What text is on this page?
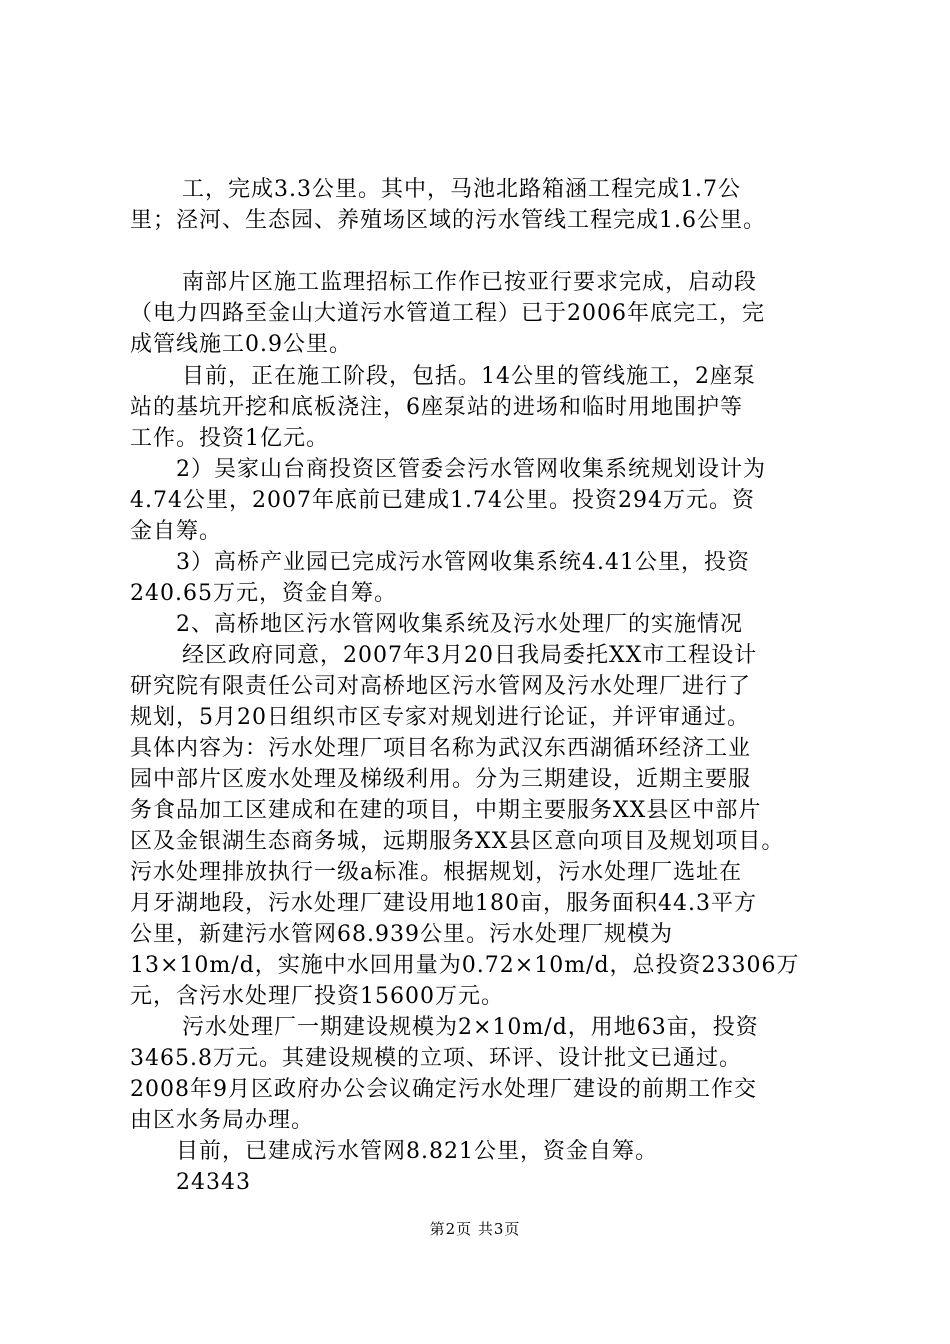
工，完成3.3公里。其中，马池北路箱涵工程完成1.7公

里；泾河、生态园、养殖场区域的污水管线工程完成1.6公里。

南部片区施工监理招标工作作已按亚行要求完成，启动段

（电力四路至金山大道污水管道工程）已于2006年底完工，完

成管线施工0.9公里。

目前，正在施工阶段，包括。14公里的管线施工，2座泵

站的基坑开挖和底板浇注，6座泵站的进场和临时用地围护等

工作。投资1亿元。

2）吴家山台商投资区管委会污水管网收集系统规划设计为

4.74公里，2007年底前已建成1.74公里。投资294万元。资

金自筹。

3）高桥产业园已完成污水管网收集系统4.41公里，投资

240.65万元，资金自筹。

2、高桥地区污水管网收集系统及污水处理厂的实施情况

经区政府同意，2007年3月20日我局委托XX市工程设计

研究院有限责任公司对高桥地区污水管网及污水处理厂进行了

规划，5月20日组织市区专家对规划进行论证，并评审通过。

具体内容为：污水处理厂项目名称为武汉东西湖循环经济工业

园中部片区废水处理及梯级利用。分为三期建设，近期主要服

务食品加工区建成和在建的项目，中期主要服务XX县区中部片

区及金银湖生态商务城，远期服务XX县区意向项目及规划项目。

污水处理排放执行一级a标准。根据规划，污水处理厂选址在

月牙湖地段，污水处理厂建设用地180亩，服务面积44.3平方

公里，新建污水管网68.939公里。污水处理厂规模为

13×10m/d，实施中水回用量为0.72×10m/d，总投资23306万

元，含污水处理厂投资15600万元。

污水处理厂一期建设规模为2×10m/d，用地63亩，投资

3465.8万元。其建设规模的立项、环评、设计批文已通过。

2008年9月区政府办公会议确定污水处理厂建设的前期工作交

由区水务局办理。

目前，已建成污水管网8.821公里，资金自筹。

24343

第2页 共3页
